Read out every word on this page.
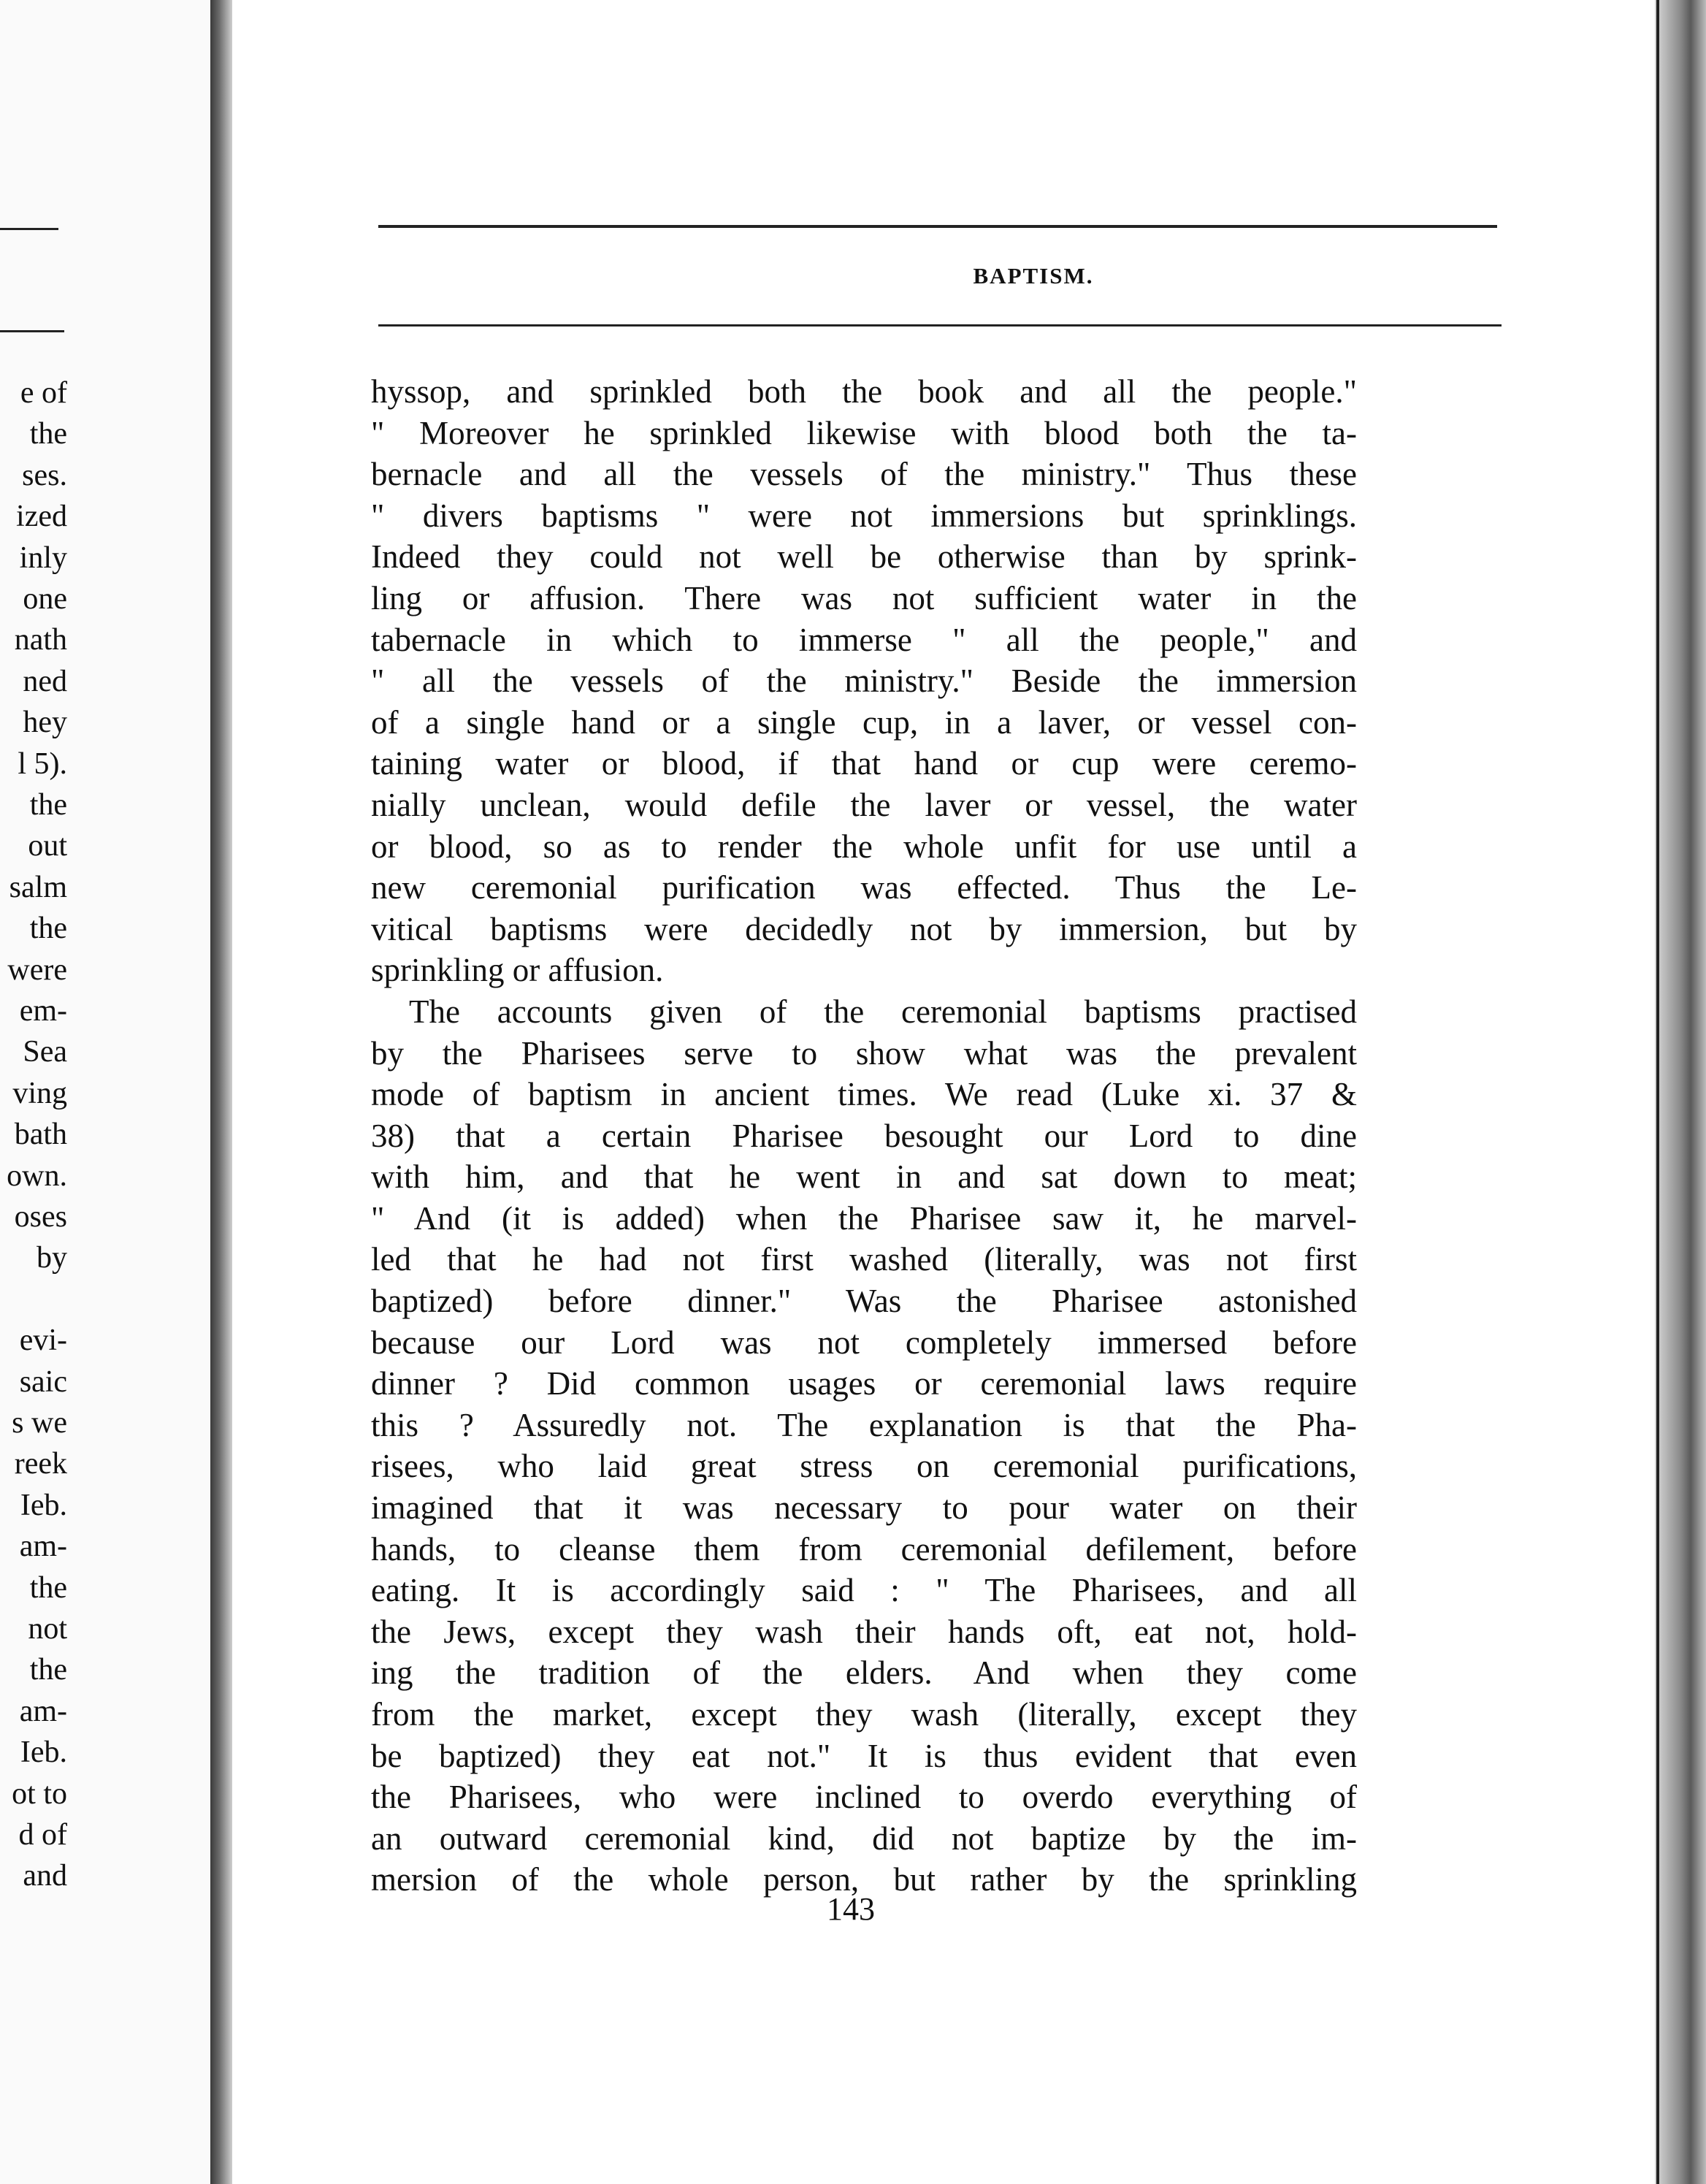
e of
the
ses.
ized
inly
one
nath
ned
hey
l 5).
the
out
salm
the
were
em-
Sea
ving
bath
own.
oses
by
evi-
saic
s we
reek
Ieb.
am-
the
not
the
am-
Ieb.
ot to
d of
and
BAPTISM.
hyssop, and sprinkled both the book and all the people."
" Moreover he sprinkled likewise with blood both the ta-
bernacle and all the vessels of the ministry." Thus these
" divers baptisms " were not immersions but sprinklings.
Indeed they could not well be otherwise than by sprink-
ling or affusion. There was not sufficient water in the
tabernacle in which to immerse " all the people," and
" all the vessels of the ministry." Beside the immersion
of a single hand or a single cup, in a laver, or vessel con-
taining water or blood, if that hand or cup were ceremo-
nially unclean, would defile the laver or vessel, the water
or blood, so as to render the whole unfit for use until a
new ceremonial purification was effected. Thus the Le-
vitical baptisms were decidedly not by immersion, but by
sprinkling or affusion.
The accounts given of the ceremonial baptisms practised
by the Pharisees serve to show what was the prevalent
mode of baptism in ancient times. We read (Luke xi. 37 &
38) that a certain Pharisee besought our Lord to dine
with him, and that he went in and sat down to meat;
" And (it is added) when the Pharisee saw it, he marvel-
led that he had not first washed (literally, was not first
baptized) before dinner." Was the Pharisee astonished
because our Lord was not completely immersed before
dinner ? Did common usages or ceremonial laws require
this ? Assuredly not. The explanation is that the Pha-
risees, who laid great stress on ceremonial purifications,
imagined that it was necessary to pour water on their
hands, to cleanse them from ceremonial defilement, before
eating. It is accordingly said : " The Pharisees, and all
the Jews, except they wash their hands oft, eat not, hold-
ing the tradition of the elders. And when they come
from the market, except they wash (literally, except they
be baptized) they eat not." It is thus evident that even
the Pharisees, who were inclined to overdo everything of
an outward ceremonial kind, did not baptize by the im-
mersion of the whole person, but rather by the sprinkling
143
